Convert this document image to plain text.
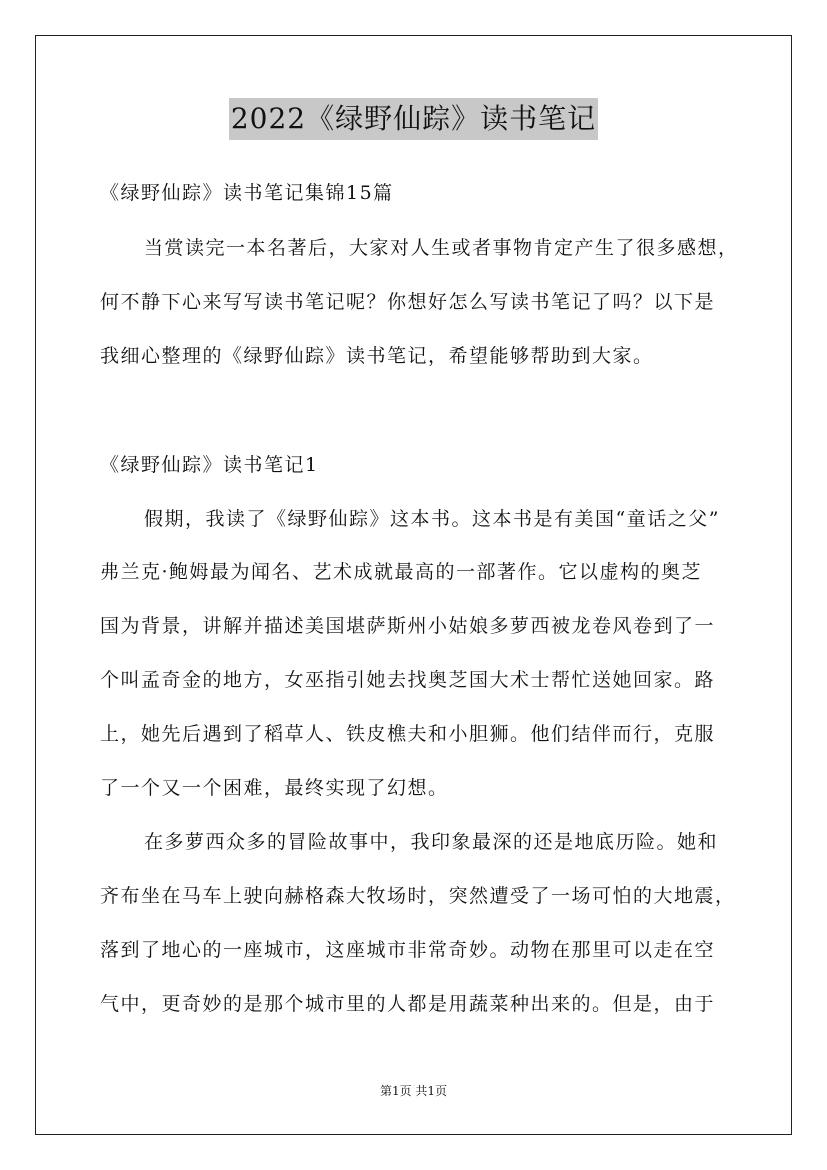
2022《绿野仙踪》读书笔记
《绿野仙踪》读书笔记集锦15篇
当赏读完一本名著后，大家对人生或者事物肯定产生了很多感想，
何不静下心来写写读书笔记呢？你想好怎么写读书笔记了吗？以下是
我细心整理的《绿野仙踪》读书笔记，希望能够帮助到大家。
《绿野仙踪》读书笔记1
假期，我读了《绿野仙踪》这本书。这本书是有美国“童话之父”
弗兰克·鲍姆最为闻名、艺术成就最高的一部著作。它以虚构的奥芝
国为背景，讲解并描述美国堪萨斯州小姑娘多萝西被龙卷风卷到了一
个叫孟奇金的地方，女巫指引她去找奥芝国大术士帮忙送她回家。路
上，她先后遇到了稻草人、铁皮樵夫和小胆狮。他们结伴而行，克服
了一个又一个困难，最终实现了幻想。
在多萝西众多的冒险故事中，我印象最深的还是地底历险。她和
齐布坐在马车上驶向赫格森大牧场时，突然遭受了一场可怕的大地震，
落到了地心的一座城市，这座城市非常奇妙。动物在那里可以走在空
气中，更奇妙的是那个城市里的人都是用蔬菜种出来的。但是，由于
第1页 共1页
